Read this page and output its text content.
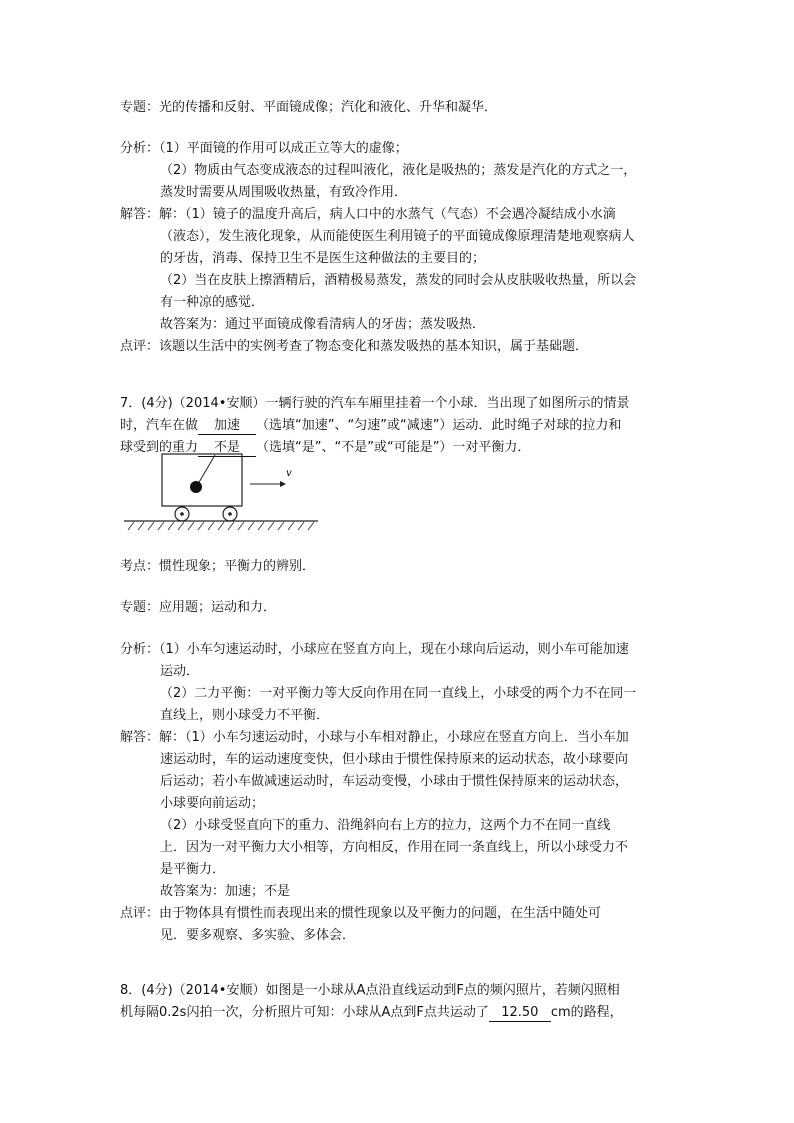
专题：光的传播和反射、平面镜成像；汽化和液化、升华和凝华．
分析：（1）平面镜的作用可以成正立等大的虚像；
（2）物质由气态变成液态的过程叫液化，液化是吸热的；蒸发是汽化的方式之一，
蒸发时需要从周围吸收热量，有致冷作用．
解答：解：（1）镜子的温度升高后，病人口中的水蒸气（气态）不会遇冷凝结成小水滴
（液态），发生液化现象，从而能使医生利用镜子的平面镜成像原理清楚地观察病人
的牙齿，消毒、保持卫生不是医生这种做法的主要目的；
（2）当在皮肤上擦酒精后，酒精极易蒸发，蒸发的同时会从皮肤吸收热量，所以会
有一种凉的感觉．
故答案为：通过平面镜成像看清病人的牙齿；蒸发吸热．
点评：该题以生活中的实例考查了物态变化和蒸发吸热的基本知识，属于基础题．
7．(4分)（2014•安顺）一辆行驶的汽车车厢里挂着一个小球．当出现了如图所示的情景
时，汽车在做 加速 （选填“加速”、“匀速”或“减速”）运动．此时绳子对球的拉力和
球受到的重力 不是 （选填“是”、“不是”或“可能是”）一对平衡力．
v
考点：惯性现象；平衡力的辨别．
专题：应用题；运动和力．
分析：（1）小车匀速运动时，小球应在竖直方向上，现在小球向后运动，则小车可能加速
运动．
（2）二力平衡：一对平衡力等大反向作用在同一直线上，小球受的两个力不在同一
直线上，则小球受力不平衡．
解答：解：（1）小车匀速运动时，小球与小车相对静止，小球应在竖直方向上．当小车加
速运动时，车的运动速度变快，但小球由于惯性保持原来的运动状态，故小球要向
后运动；若小车做减速运动时，车运动变慢，小球由于惯性保持原来的运动状态，
小球要向前运动；
（2）小球受竖直向下的重力、沿绳斜向右上方的拉力，这两个力不在同一直线
上．因为一对平衡力大小相等，方向相反，作用在同一条直线上，所以小球受力不
是平衡力．
故答案为：加速；不是
点评：由于物体具有惯性而表现出来的惯性现象以及平衡力的问题，在生活中随处可
见．要多观察、多实验、多体会．
8．(4分)（2014•安顺）如图是一小球从A点沿直线运动到F点的频闪照片，若频闪照相
机每隔0.2s闪拍一次，分析照片可知：小球从A点到F点共运动了 12.50 cm的路程，
